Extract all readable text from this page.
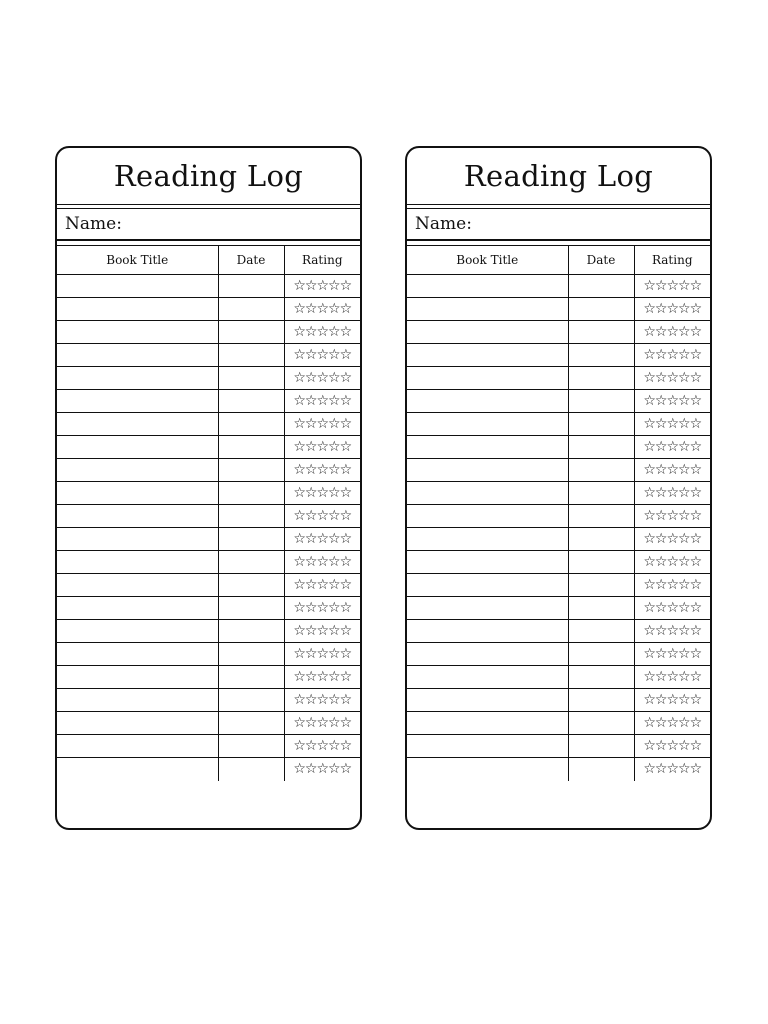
Reading Log
Name:
Book Title	Date	Rating

		☆☆☆☆☆

		☆☆☆☆☆

		☆☆☆☆☆

		☆☆☆☆☆

		☆☆☆☆☆

		☆☆☆☆☆

		☆☆☆☆☆

		☆☆☆☆☆

		☆☆☆☆☆

		☆☆☆☆☆

		☆☆☆☆☆

		☆☆☆☆☆

		☆☆☆☆☆

		☆☆☆☆☆

		☆☆☆☆☆

		☆☆☆☆☆

		☆☆☆☆☆

		☆☆☆☆☆

		☆☆☆☆☆

		☆☆☆☆☆

		☆☆☆☆☆

		☆☆☆☆☆
Reading Log
Name:
Book Title	Date	Rating

		☆☆☆☆☆

		☆☆☆☆☆

		☆☆☆☆☆

		☆☆☆☆☆

		☆☆☆☆☆

		☆☆☆☆☆

		☆☆☆☆☆

		☆☆☆☆☆

		☆☆☆☆☆

		☆☆☆☆☆

		☆☆☆☆☆

		☆☆☆☆☆

		☆☆☆☆☆

		☆☆☆☆☆

		☆☆☆☆☆

		☆☆☆☆☆

		☆☆☆☆☆

		☆☆☆☆☆

		☆☆☆☆☆

		☆☆☆☆☆

		☆☆☆☆☆

		☆☆☆☆☆
